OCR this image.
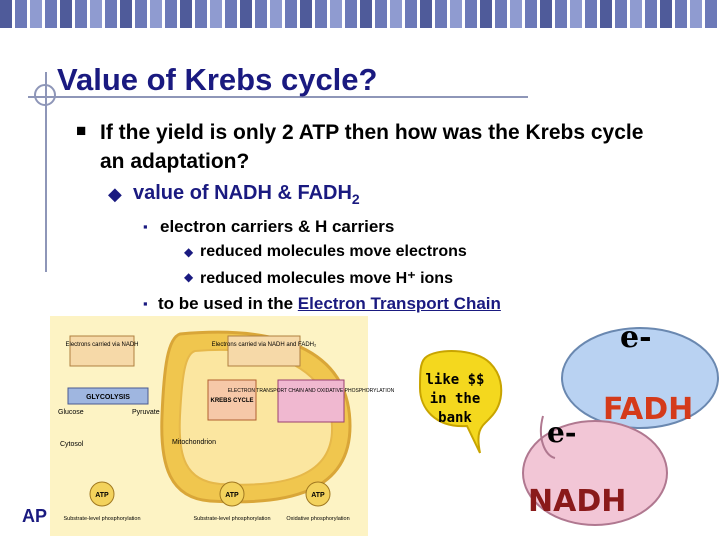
Value of Krebs cycle?
■ If the yield is only 2 ATP then how was the Krebs cycle an adaptation?
◆ value of NADH & $FADH_2$
▪ electron carriers & H carriers
◆ reduced molecules move electrons
◆ reduced molecules move H⁺ ions
▪ to be used in the Electron Transport Chain
Electrons carried via NADH	Electrons carried via NADH and FADH₂
GLYCOLYSIS
Glucose	Pyruvate
KREBS CYCLE
ELECTRON TRANSPORT CHAIN AND OXIDATIVE PHOSPHORYLATION
Cytosol	Mitochondrion
ATP	ATP	ATP
Substrate-level phosphorylation	Substrate-level phosphorylation	Oxidative phosphorylation
like $$ in the bank	FADH
NADH
e-
e-
AP
